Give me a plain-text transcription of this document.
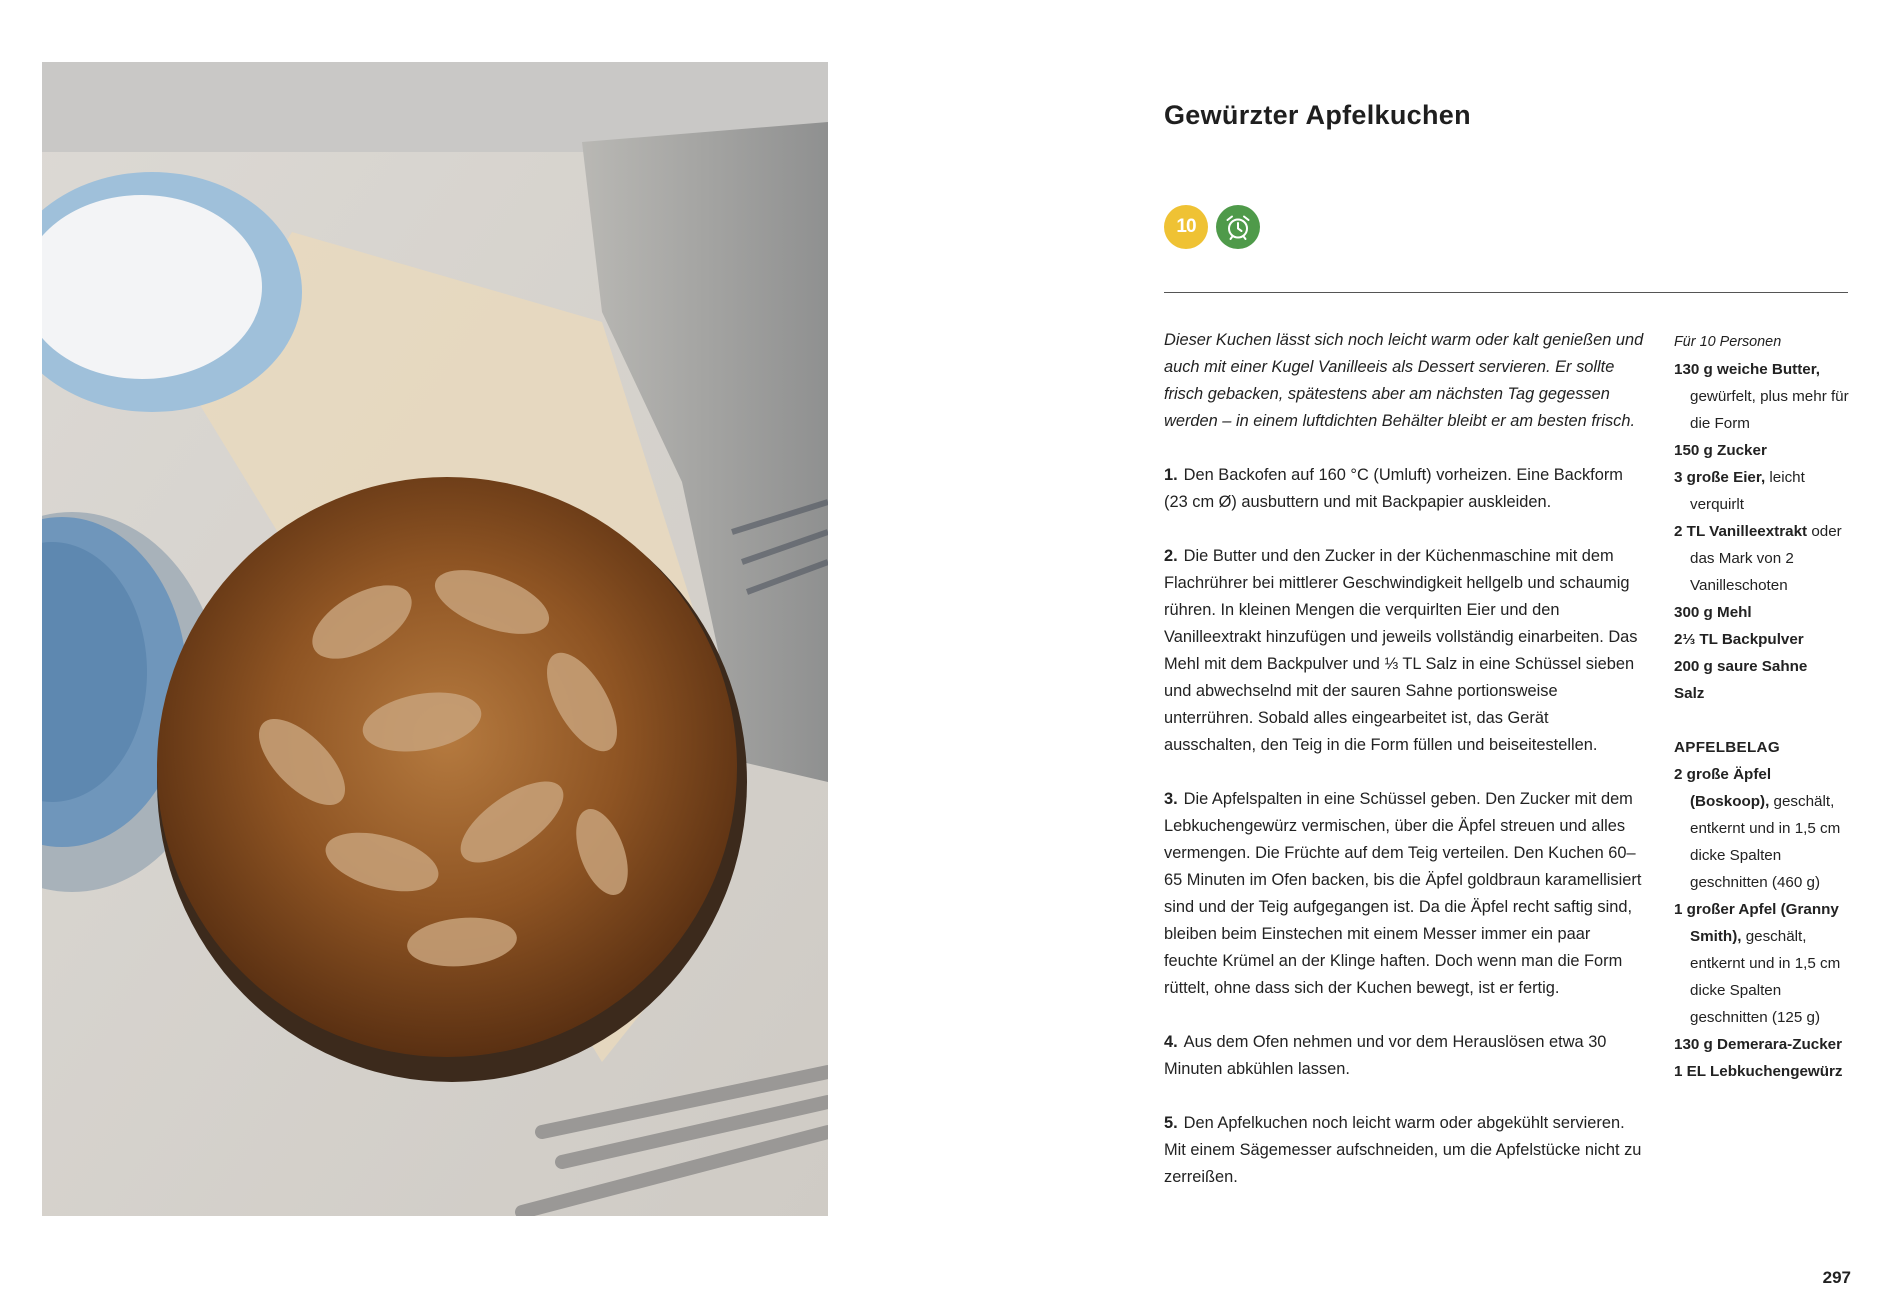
Gewürzter Apfelkuchen
10

Dieser Kuchen lässt sich noch leicht warm oder kalt genießen und auch mit einer Kugel Vanilleeis als Dessert servieren. Er sollte frisch gebacken, spätestens aber am nächsten Tag gegessen werden – in einem luftdichten Behälter bleibt er am besten frisch.

1. Den Backofen auf 160 °C (Umluft) vorheizen. Eine Backform (23 cm Ø) ausbuttern und mit Backpapier auskleiden.

2. Die Butter und den Zucker in der Küchenmaschine mit dem Flachrührer bei mittlerer Geschwindigkeit hellgelb und schaumig rühren. In kleinen Mengen die verquirlten Eier und den Vanilleextrakt hinzufügen und jeweils vollständig einarbeiten. Das Mehl mit dem Backpulver und ⅓ TL Salz in eine Schüssel sieben und abwechselnd mit der sauren Sahne portionsweise unterrühren. Sobald alles eingearbeitet ist, das Gerät ausschalten, den Teig in die Form füllen und beiseitestellen.

3. Die Apfelspalten in eine Schüssel geben. Den Zucker mit dem Lebkuchengewürz vermischen, über die Äpfel streuen und alles vermengen. Die Früchte auf dem Teig verteilen. Den Kuchen 60–65 Minuten im Ofen backen, bis die Äpfel goldbraun karamellisiert sind und der Teig aufgegangen ist. Da die Äpfel recht saftig sind, bleiben beim Einstechen mit einem Messer immer ein paar feuchte Krümel an der Klinge haften. Doch wenn man die Form rüttelt, ohne dass sich der Kuchen bewegt, ist er fertig.

4. Aus dem Ofen nehmen und vor dem Herauslösen etwa 30 Minuten abkühlen lassen.

5. Den Apfelkuchen noch leicht warm oder abgekühlt servieren. Mit einem Sägemesser aufschneiden, um die Apfelstücke nicht zu zerreißen.

Für 10 Personen
130 g weiche Butter, gewürfelt, plus mehr für die Form
150 g Zucker
3 große Eier, leicht verquirlt
2 TL Vanilleextrakt oder das Mark von 2 Vanilleschoten
300 g Mehl
2⅓ TL Backpulver
200 g saure Sahne
Salz
APFELBELAG
2 große Äpfel (Boskoop), geschält, entkernt und in 1,5 cm dicke Spalten geschnitten (460 g)
1 großer Apfel (Granny Smith), geschält, entkernt und in 1,5 cm dicke Spalten geschnitten (125 g)
130 g Demerara-Zucker
1 EL Lebkuchengewürz
297
